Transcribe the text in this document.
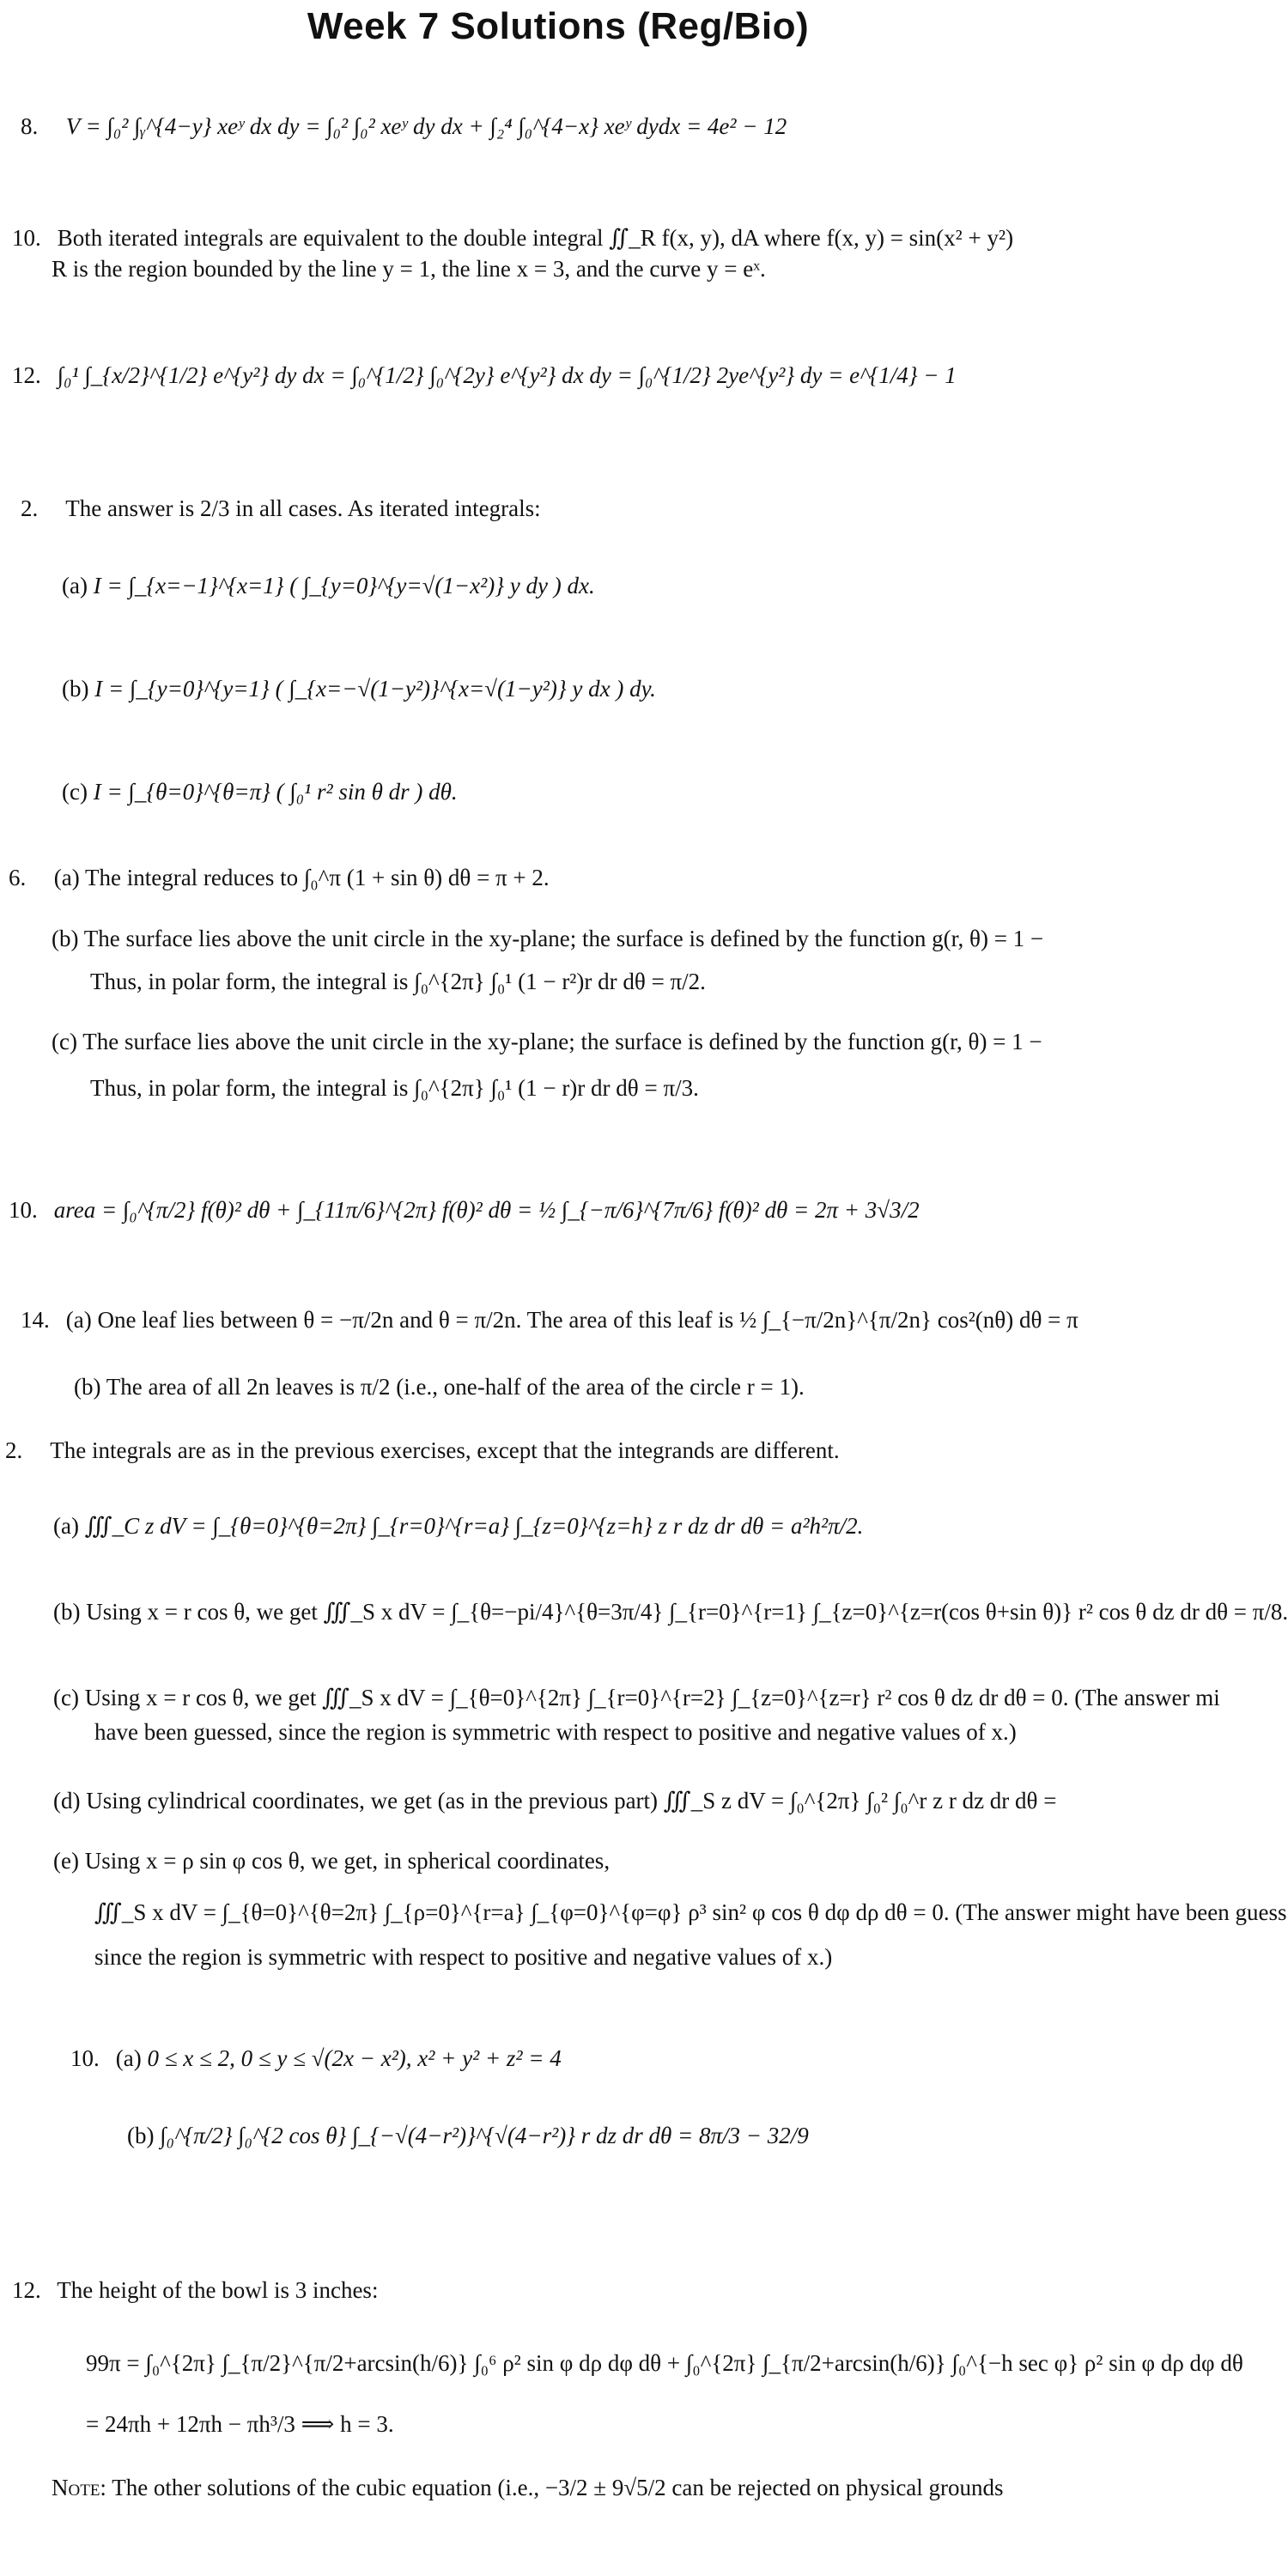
Week 7 Solutions (Reg/Bio)
8. V = ∫₀² ∫ᵧ^{4−y} xeʸ dx dy = ∫₀² ∫₀² xeʸ dy dx + ∫₂⁴ ∫₀^{4−x} xeʸ dydx = 4e² − 12
10. Both iterated integrals are equivalent to the double integral ∬_R f(x, y), dA where f(x, y) = sin(x² + y²)
R is the region bounded by the line y = 1, the line x = 3, and the curve y = eˣ.
12. ∫₀¹ ∫_{x/2}^{1/2} e^{y²} dy dx = ∫₀^{1/2} ∫₀^{2y} e^{y²} dx dy = ∫₀^{1/2} 2ye^{y²} dy = e^{1/4} − 1
2. The answer is 2/3 in all cases. As iterated integrals:
(a) I = ∫_{x=−1}^{x=1} ( ∫_{y=0}^{y=√(1−x²)} y dy ) dx.
(b) I = ∫_{y=0}^{y=1} ( ∫_{x=−√(1−y²)}^{x=√(1−y²)} y dx ) dy.
(c) I = ∫_{θ=0}^{θ=π} ( ∫₀¹ r² sin θ dr ) dθ.
6. (a) The integral reduces to ∫₀^π (1 + sin θ) dθ = π + 2.
(b) The surface lies above the unit circle in the xy-plane; the surface is defined by the function g(r, θ) = 1 −
Thus, in polar form, the integral is ∫₀^{2π} ∫₀¹ (1 − r²)r dr dθ = π/2.
(c) The surface lies above the unit circle in the xy-plane; the surface is defined by the function g(r, θ) = 1 −
Thus, in polar form, the integral is ∫₀^{2π} ∫₀¹ (1 − r)r dr dθ = π/3.
10. area = ∫₀^{π/2} f(θ)² dθ + ∫_{11π/6}^{2π} f(θ)² dθ = ½ ∫_{−π/6}^{7π/6} f(θ)² dθ = 2π + 3√3/2
14. (a) One leaf lies between θ = −π/2n and θ = π/2n. The area of this leaf is ½ ∫_{−π/2n}^{π/2n} cos²(nθ) dθ = π
(b) The area of all 2n leaves is π/2 (i.e., one-half of the area of the circle r = 1).
2. The integrals are as in the previous exercises, except that the integrands are different.
(a) ∭_C z dV = ∫_{θ=0}^{θ=2π} ∫_{r=0}^{r=a} ∫_{z=0}^{z=h} z r dz dr dθ = a²h²π/2.
(b) Using x = r cos θ, we get ∭_S x dV = ∫_{θ=−pi/4}^{θ=3π/4} ∫_{r=0}^{r=1} ∫_{z=0}^{z=r(cos θ+sin θ)} r² cos θ dz dr dθ = π/8.
(c) Using x = r cos θ, we get ∭_S x dV = ∫_{θ=0}^{2π} ∫_{r=0}^{r=2} ∫_{z=0}^{z=r} r² cos θ dz dr dθ = 0. (The answer mi
have been guessed, since the region is symmetric with respect to positive and negative values of x.)
(d) Using cylindrical coordinates, we get (as in the previous part) ∭_S z dV = ∫₀^{2π} ∫₀² ∫₀^r z r dz dr dθ =
(e) Using x = ρ sin φ cos θ, we get, in spherical coordinates,
∭_S x dV = ∫_{θ=0}^{θ=2π} ∫_{ρ=0}^{r=a} ∫_{φ=0}^{φ=φ} ρ³ sin² φ cos θ dφ dρ dθ = 0. (The answer might have been guess
since the region is symmetric with respect to positive and negative values of x.)
10. (a) 0 ≤ x ≤ 2, 0 ≤ y ≤ √(2x − x²), x² + y² + z² = 4
(b) ∫₀^{π/2} ∫₀^{2 cos θ} ∫_{−√(4−r²)}^{√(4−r²)} r dz dr dθ = 8π/3 − 32/9
12. The height of the bowl is 3 inches:
99π = ∫₀^{2π} ∫_{π/2}^{π/2+arcsin(h/6)} ∫₀⁶ ρ² sin φ dρ dφ dθ + ∫₀^{2π} ∫_{π/2+arcsin(h/6)} ∫₀^{−h sec φ} ρ² sin φ dρ dφ dθ
= 24πh + 12πh − πh³/3 ⟹ h = 3.
Note: The other solutions of the cubic equation (i.e., −3/2 ± 9√5/2 can be rejected on physical grounds
